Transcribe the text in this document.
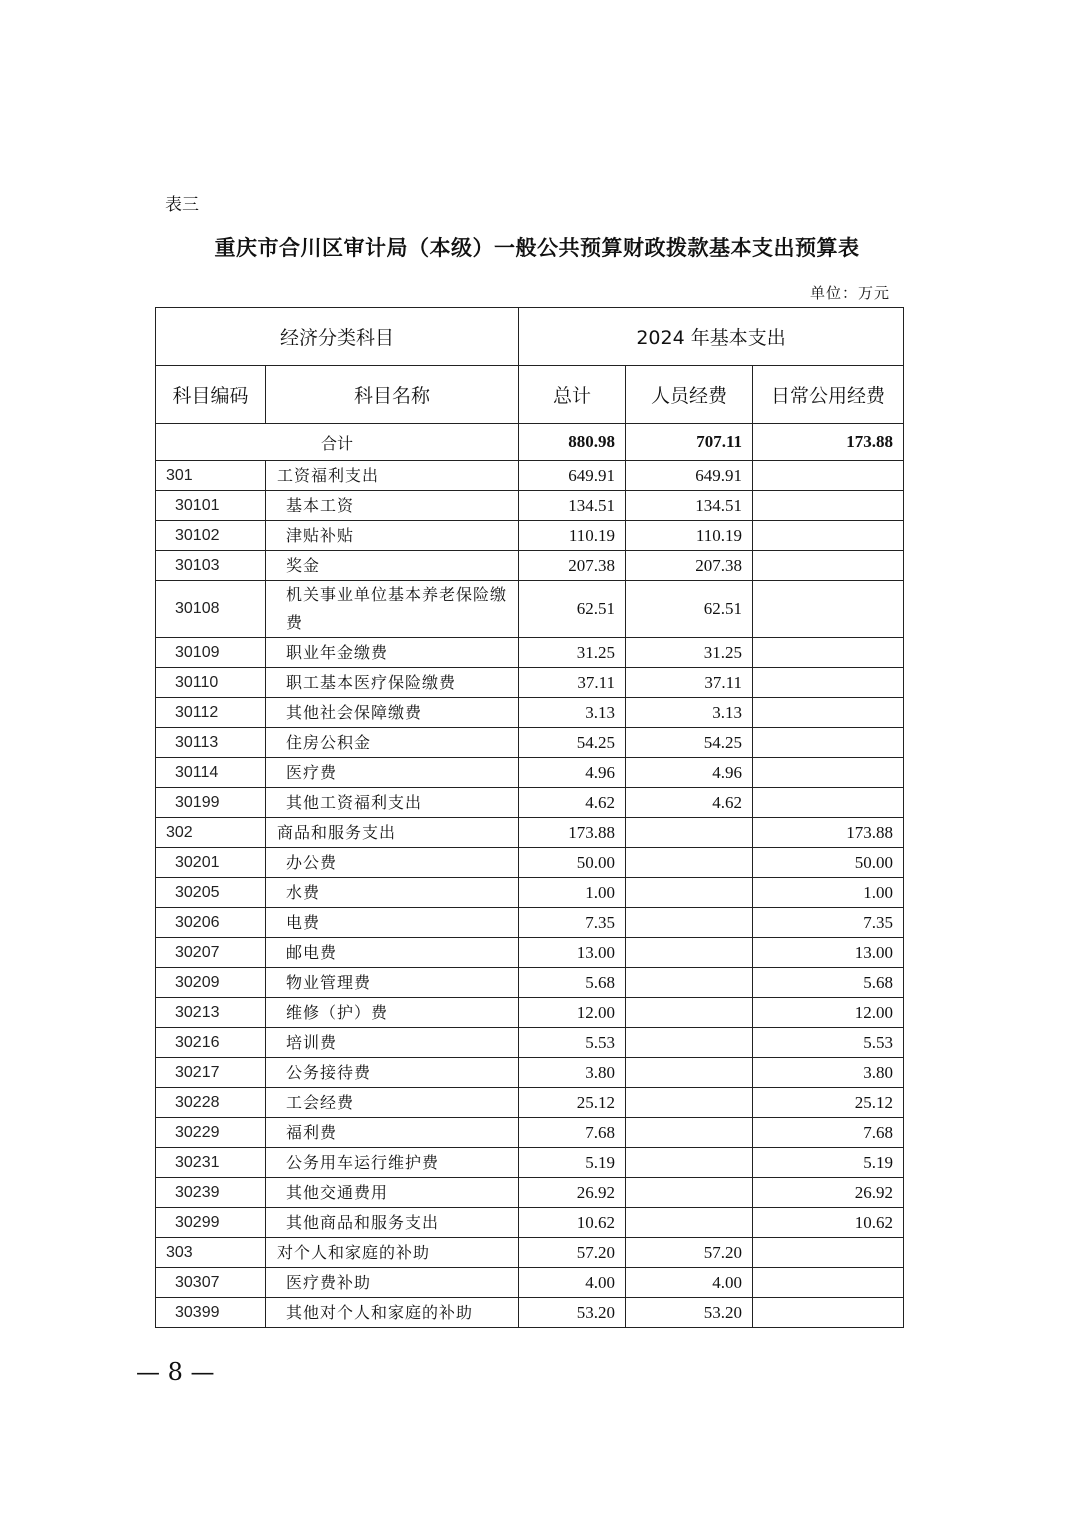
表三
重庆市合川区审计局（本级）一般公共预算财政拨款基本支出预算表
单位：万元
经济分类科目		2024 年基本支出		
科目编码	科目名称	总计	人员经费	日常公用经费
合计		880.98	707.11	173.88
301	工资福利支出	649.91	649.91	
30101	基本工资	134.51	134.51	
30102	津贴补贴	110.19	110.19	
30103	奖金	207.38	207.38	
30108	机关事业单位基本养老保险缴费	62.51	62.51	
30109	职业年金缴费	31.25	31.25	
30110	职工基本医疗保险缴费	37.11	37.11	
30112	其他社会保障缴费	3.13	3.13	
30113	住房公积金	54.25	54.25	
30114	医疗费	4.96	4.96	
30199	其他工资福利支出	4.62	4.62	
302	商品和服务支出	173.88		173.88
30201	办公费	50.00		50.00
30205	水费	1.00		1.00
30206	电费	7.35		7.35
30207	邮电费	13.00		13.00
30209	物业管理费	5.68		5.68
30213	维修（护）费	12.00		12.00
30216	培训费	5.53		5.53
30217	公务接待费	3.80		3.80
30228	工会经费	25.12		25.12
30229	福利费	7.68		7.68
30231	公务用车运行维护费	5.19		5.19
30239	其他交通费用	26.92		26.92
30299	其他商品和服务支出	10.62		10.62
303	对个人和家庭的补助	57.20	57.20	
30307	医疗费补助	4.00	4.00	
30399	其他对个人和家庭的补助	53.20	53.20	
— 8 —
